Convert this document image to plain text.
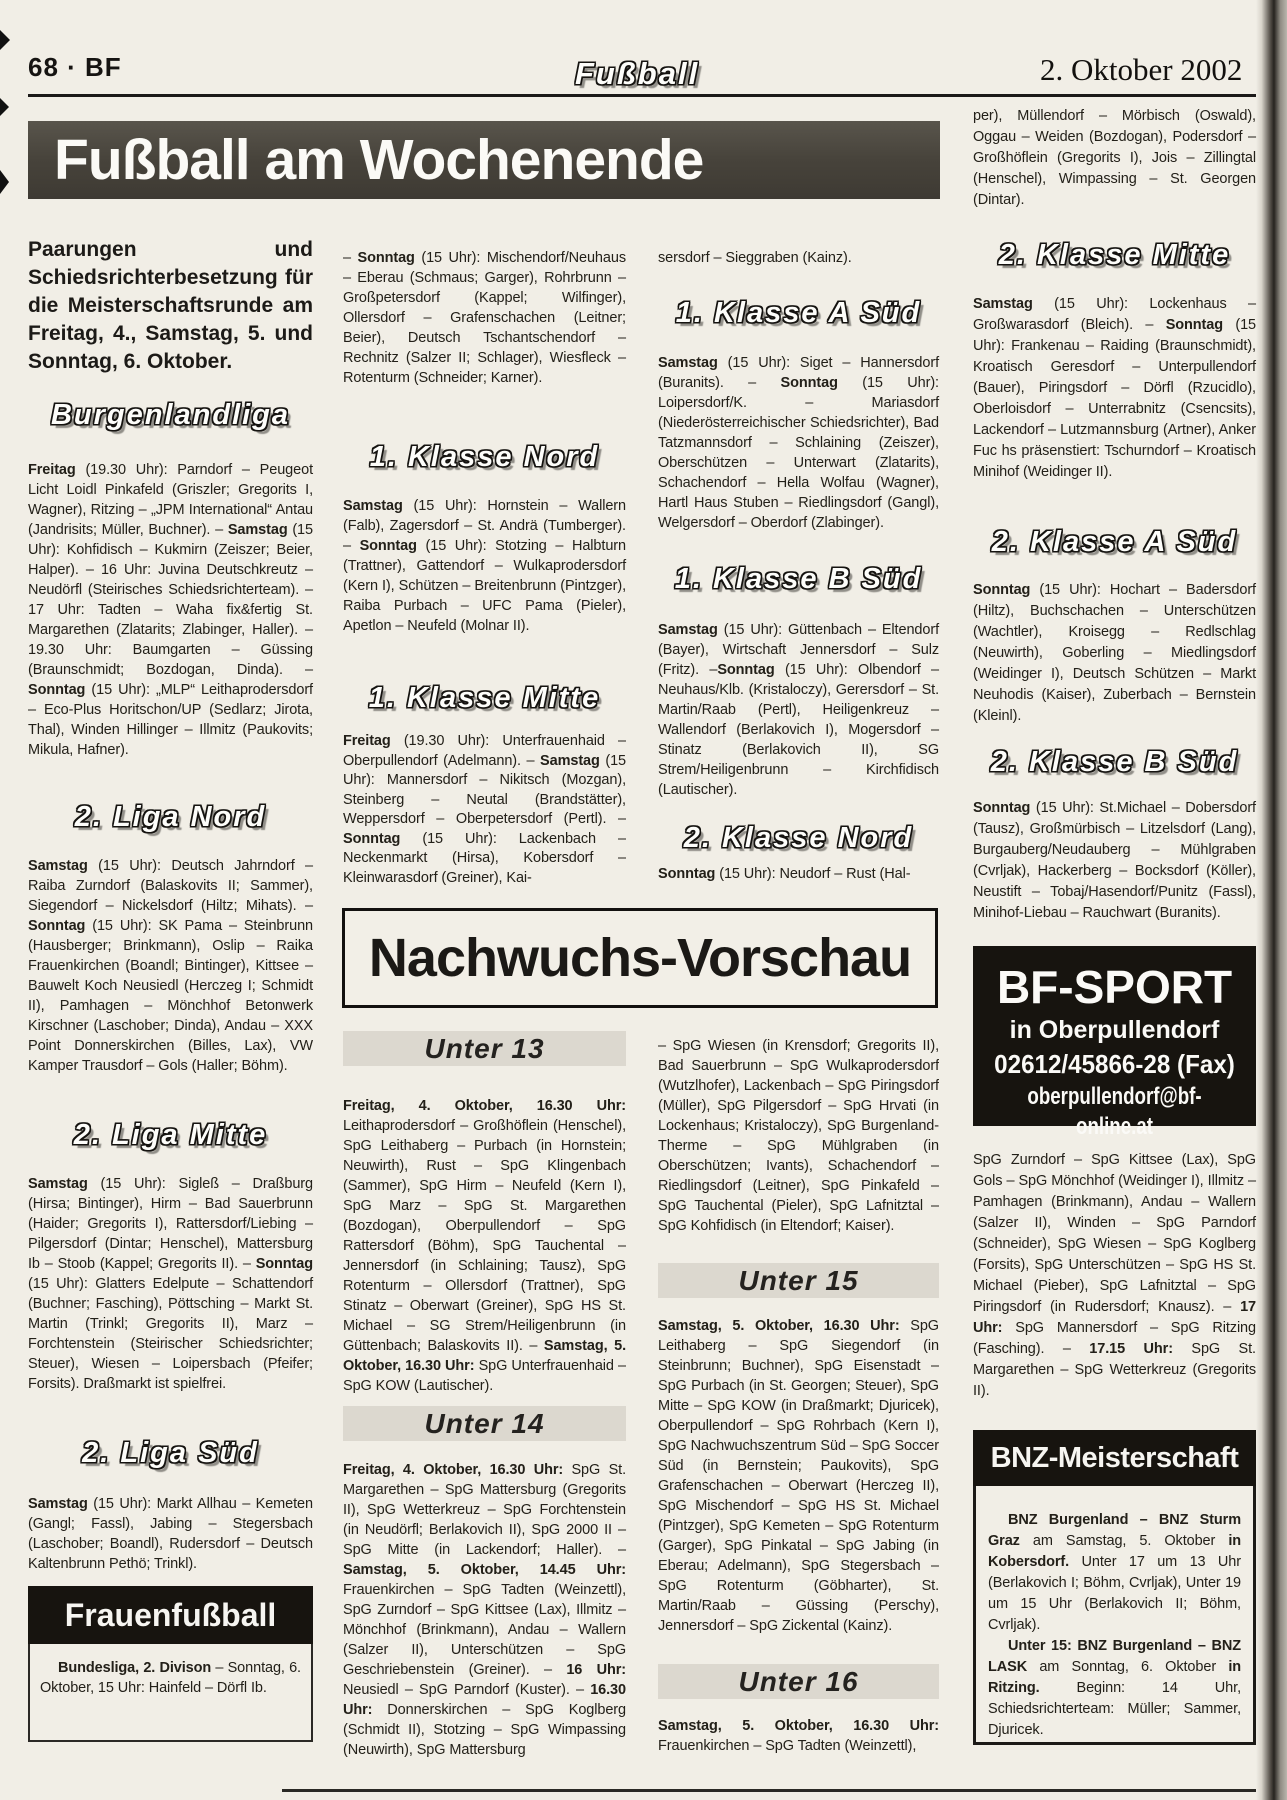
68 · BF	Fußball	2. Oktober 2002
Fußball am Wochenende
Paarungen und Schiedsrichterbesetzung für die Meisterschaftsrunde am Freitag, 4., Samstag, 5. und Sonntag, 6. Oktober.
Burgenlandliga
Freitag (19.30 Uhr): Parndorf – Peugeot Licht Loidl Pinkafeld (Griszler; Gregorits I, Wagner), Ritzing – „JPM International“ Antau (Jandrisits; Müller, Buchner). – Samstag (15 Uhr): Kohfidisch – Kukmirn (Zeiszer; Beier, Halper). – 16 Uhr: Juvina Deutschkreutz – Neudörfl (Steirisches Schiedsrichterteam). – 17 Uhr: Tadten – Waha fix&fertig St. Margarethen (Zlatarits; Zlabinger, Haller). – 19.30 Uhr: Baumgarten – Güssing (Braunschmidt; Bozdogan, Dinda). – Sonntag (15 Uhr): „MLP“ Leithaprodersdorf – Eco-Plus Horitschon/UP (Sedlarz; Jirota, Thal), Winden Hillinger – Illmitz (Paukovits; Mikula, Hafner).
2. Liga Nord
Samstag (15 Uhr): Deutsch Jahrndorf – Raiba Zurndorf (Balaskovits II; Sammer), Siegendorf – Nickelsdorf (Hiltz; Mihats). – Sonntag (15 Uhr): SK Pama – Steinbrunn (Hausberger; Brinkmann), Oslip – Raika Frauenkirchen (Boandl; Bintinger), Kittsee – Bauwelt Koch Neusiedl (Herczeg I; Schmidt II), Pamhagen – Mönchhof Betonwerk Kirschner (Laschober; Dinda), Andau – XXX Point Donnerskirchen (Billes, Lax), VW Kamper Trausdorf – Gols (Haller; Böhm).
2. Liga Mitte
Samstag (15 Uhr): Sigleß – Draßburg (Hirsa; Bintinger), Hirm – Bad Sauerbrunn (Haider; Gregorits I), Rattersdorf/Liebing – Pilgersdorf (Dintar; Henschel), Mattersburg Ib – Stoob (Kappel; Gregorits II). – Sonntag (15 Uhr): Glatters Edelpute – Schattendorf (Buchner; Fasching), Pöttsching – Markt St. Martin (Trinkl; Gregorits II), Marz – Forchtenstein (Steirischer Schiedsrichter; Steuer), Wiesen – Loipersbach (Pfeifer; Forsits). Draßmarkt ist spielfrei.
2. Liga Süd
Samstag (15 Uhr): Markt Allhau – Kemeten (Gangl; Fassl), Jabing – Stegersbach (Laschober; Boandl), Rudersdorf – Deutsch Kaltenbrunn Pethö; Trinkl).
Frauenfußball
Bundesliga, 2. Divison – Sonntag, 6. Oktober, 15 Uhr: Hainfeld – Dörfl Ib.
– Sonntag (15 Uhr): Mischendorf/Neuhaus – Eberau (Schmaus; Garger), Rohrbrunn – Großpetersdorf (Kappel; Wilfinger), Ollersdorf – Grafenschachen (Leitner; Beier), Deutsch Tschantschendorf – Rechnitz (Salzer II; Schlager), Wiesfleck – Rotenturm (Schneider; Karner).
1. Klasse Nord
Samstag (15 Uhr): Hornstein – Wallern (Falb), Zagersdorf – St. Andrä (Tumberger). – Sonntag (15 Uhr): Stotzing – Halbturn (Trattner), Gattendorf – Wulkaprodersdorf (Kern I), Schützen – Breitenbrunn (Pintzger), Raiba Purbach – UFC Pama (Pieler), Apetlon – Neufeld (Molnar II).
1. Klasse Mitte
Freitag (19.30 Uhr): Unterfrauenhaid – Oberpullendorf (Adelmann). – Samstag (15 Uhr): Mannersdorf – Nikitsch (Mozgan), Steinberg – Neutal (Brandstätter), Weppersdorf – Oberpetersdorf (Pertl). – Sonntag (15 Uhr): Lackenbach – Neckenmarkt (Hirsa), Kobersdorf – Kleinwarasdorf (Greiner), Kai-
sersdorf – Sieggraben (Kainz).
1. Klasse A Süd
Samstag (15 Uhr): Siget – Hannersdorf (Buranits). – Sonntag (15 Uhr): Loipersdorf/K. – Mariasdorf (Niederösterreichischer Schiedsrichter), Bad Tatzmannsdorf – Schlaining (Zeiszer), Oberschützen – Unterwart (Zlatarits), Schachendorf – Hella Wolfau (Wagner), Hartl Haus Stuben – Riedlingsdorf (Gangl), Welgersdorf – Oberdorf (Zlabinger).
1. Klasse B Süd
Samstag (15 Uhr): Güttenbach – Eltendorf (Bayer), Wirtschaft Jennersdorf – Sulz (Fritz). –Sonntag (15 Uhr): Olbendorf – Neuhaus/Klb. (Kristaloczy), Gerersdorf – St. Martin/Raab (Pertl), Heiligenkreuz – Wallendorf (Berlakovich I), Mogersdorf – Stinatz (Berlakovich II), SG Strem/Heiligenbrunn – Kirchfidisch (Lautischer).
2. Klasse Nord
Sonntag (15 Uhr): Neudorf – Rust (Hal-
per), Müllendorf – Mörbisch (Oswald), Oggau – Weiden (Bozdogan), Podersdorf – Großhöflein (Gregorits I), Jois – Zillingtal (Henschel), Wimpassing – St. Georgen (Dintar).
2. Klasse Mitte
Samstag (15 Uhr): Lockenhaus – Großwarasdorf (Bleich). – Sonntag (15 Uhr): Frankenau – Raiding (Braunschmidt), Kroatisch Geresdorf – Unterpullendorf (Bauer), Piringsdorf – Dörfl (Rzucidlo), Oberloisdorf – Unterrabnitz (Csencsits), Lackendorf – Lutzmannsburg (Artner), Anker Fuc hs präsenstiert: Tschurndorf – Kroatisch Minihof (Weidinger II).
2. Klasse A Süd
Sonntag (15 Uhr): Hochart – Badersdorf (Hiltz), Buchschachen – Unterschützen (Wachtler), Kroisegg – Redlschlag (Neuwirth), Goberling – Miedlingsdorf (Weidinger I), Deutsch Schützen – Markt Neuhodis (Kaiser), Zuberbach – Bernstein (Kleinl).
2. Klasse B Süd
Sonntag (15 Uhr): St.Michael – Dobersdorf (Tausz), Großmürbisch – Litzelsdorf (Lang), Burgauberg/Neudauberg – Mühlgraben (Cvrljak), Hackerberg – Bocksdorf (Köller), Neustift – Tobaj/Hasendorf/Punitz (Fassl), Minihof-Liebau – Rauchwart (Buranits).
BF-SPORT
in Oberpullendorf
02612/45866-28 (Fax)
oberpullendorf@bf-online.at
SpG Zurndorf – SpG Kittsee (Lax), SpG Gols – SpG Mönchhof (Weidinger I), Illmitz – Pamhagen (Brinkmann), Andau – Wallern (Salzer II), Winden – SpG Parndorf (Schneider), SpG Wiesen – SpG Koglberg (Forsits), SpG Unterschützen – SpG HS St. Michael (Pieber), SpG Lafnitztal – SpG Piringsdorf (in Rudersdorf; Knausz). – 17 Uhr: SpG Mannersdorf – SpG Ritzing (Fasching). – 17.15 Uhr: SpG St. Margarethen – SpG Wetterkreuz (Gregorits II).
BNZ-Meisterschaft
BNZ Burgenland – BNZ Sturm Graz am Samstag, 5. Oktober in Kobersdorf. Unter 17 um 13 Uhr (Berlakovich I; Böhm, Cvrljak), Unter 19 um 15 Uhr (Berlakovich II; Böhm, Cvrljak).
Unter 15: BNZ Burgenland – BNZ LASK am Sonntag, 6. Oktober in Ritzing. Beginn: 14 Uhr, Schiedsrichterteam: Müller; Sammer, Djuricek.
Nachwuchs-Vorschau
Unter 13
Freitag, 4. Oktober, 16.30 Uhr: Leithaprodersdorf – Großhöflein (Henschel), SpG Leithaberg – Purbach (in Hornstein; Neuwirth), Rust – SpG Klingenbach (Sammer), SpG Hirm – Neufeld (Kern I), SpG Marz – SpG St. Margarethen (Bozdogan), Oberpullendorf – SpG Rattersdorf (Böhm), SpG Tauchental – Jennersdorf (in Schlaining; Tausz), SpG Rotenturm – Ollersdorf (Trattner), SpG Stinatz – Oberwart (Greiner), SpG HS St. Michael – SG Strem/Heiligenbrunn (in Güttenbach; Balaskovits II). – Samstag, 5. Oktober, 16.30 Uhr: SpG Unterfrauenhaid – SpG KOW (Lautischer).
Unter 14
Freitag, 4. Oktober, 16.30 Uhr: SpG St. Margarethen – SpG Mattersburg (Gregorits II), SpG Wetterkreuz – SpG Forchtenstein (in Neudörfl; Berlakovich II), SpG 2000 II – SpG Mitte (in Lackendorf; Haller). – Samstag, 5. Oktober, 14.45 Uhr: Frauenkirchen – SpG Tadten (Weinzettl), SpG Zurndorf – SpG Kittsee (Lax), Illmitz – Mönchhof (Brinkmann), Andau – Wallern (Salzer II), Unterschützen – SpG Geschriebenstein (Greiner). – 16 Uhr: Neusiedl – SpG Parndorf (Kuster). – 16.30 Uhr: Donnerskirchen – SpG Koglberg (Schmidt II), Stotzing – SpG Wimpassing (Neuwirth), SpG Mattersburg
– SpG Wiesen (in Krensdorf; Gregorits II), Bad Sauerbrunn – SpG Wulkaprodersdorf (Wutzlhofer), Lackenbach – SpG Piringsdorf (Müller), SpG Pilgersdorf – SpG Hrvati (in Lockenhaus; Kristaloczy), SpG Burgenland-Therme – SpG Mühlgraben (in Oberschützen; Ivants), Schachendorf – Riedlingsdorf (Leitner), SpG Pinkafeld – SpG Tauchental (Pieler), SpG Lafnitztal – SpG Kohfidisch (in Eltendorf; Kaiser).
Unter 15
Samstag, 5. Oktober, 16.30 Uhr: SpG Leithaberg – SpG Siegendorf (in Steinbrunn; Buchner), SpG Eisenstadt – SpG Purbach (in St. Georgen; Steuer), SpG Mitte – SpG KOW (in Draßmarkt; Djuricek), Oberpullendorf – SpG Rohrbach (Kern I), SpG Nachwuchszentrum Süd – SpG Soccer Süd (in Bernstein; Paukovits), SpG Grafenschachen – Oberwart (Herczeg II), SpG Mischendorf – SpG HS St. Michael (Pintzger), SpG Kemeten – SpG Rotenturm (Garger), SpG Pinkatal – SpG Jabing (in Eberau; Adelmann), SpG Stegersbach – SpG Rotenturm (Göbharter), St. Martin/Raab – Güssing (Perschy), Jennersdorf – SpG Zickental (Kainz).
Unter 16
Samstag, 5. Oktober, 16.30 Uhr: Frauenkirchen – SpG Tadten (Weinzettl),
